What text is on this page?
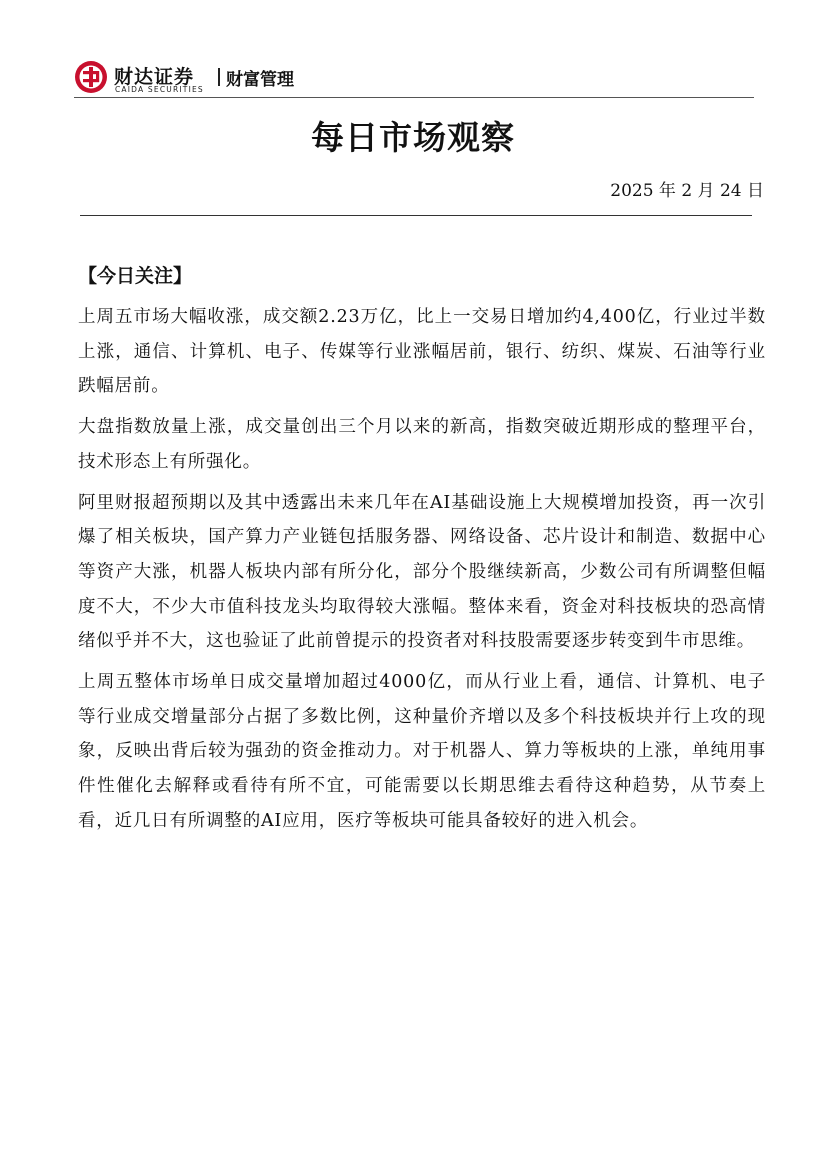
财达证券
CAIDA SECURITIES 财富管理
每日市场观察
2025 年 2 月 24 日
【今日关注】

上周五市场大幅收涨，成交额2.23万亿，比上一交易日增加约4,400亿，行业过半数上涨，通信、计算机、电子、传媒等行业涨幅居前，银行、纺织、煤炭、石油等行业跌幅居前。

大盘指数放量上涨，成交量创出三个月以来的新高，指数突破近期形成的整理平台，技术形态上有所强化。

阿里财报超预期以及其中透露出未来几年在AI基础设施上大规模增加投资，再一次引爆了相关板块，国产算力产业链包括服务器、网络设备、芯片设计和制造、数据中心等资产大涨，机器人板块内部有所分化，部分个股继续新高，少数公司有所调整但幅度不大，不少大市值科技龙头均取得较大涨幅。整体来看，资金对科技板块的恐高情绪似乎并不大，这也验证了此前曾提示的投资者对科技股需要逐步转变到牛市思维。

上周五整体市场单日成交量增加超过4000亿，而从行业上看，通信、计算机、电子等行业成交增量部分占据了多数比例，这种量价齐增以及多个科技板块并行上攻的现象，反映出背后较为强劲的资金推动力。对于机器人、算力等板块的上涨，单纯用事件性催化去解释或看待有所不宜，可能需要以长期思维去看待这种趋势，从节奏上看，近几日有所调整的AI应用，医疗等板块可能具备较好的进入机会。
